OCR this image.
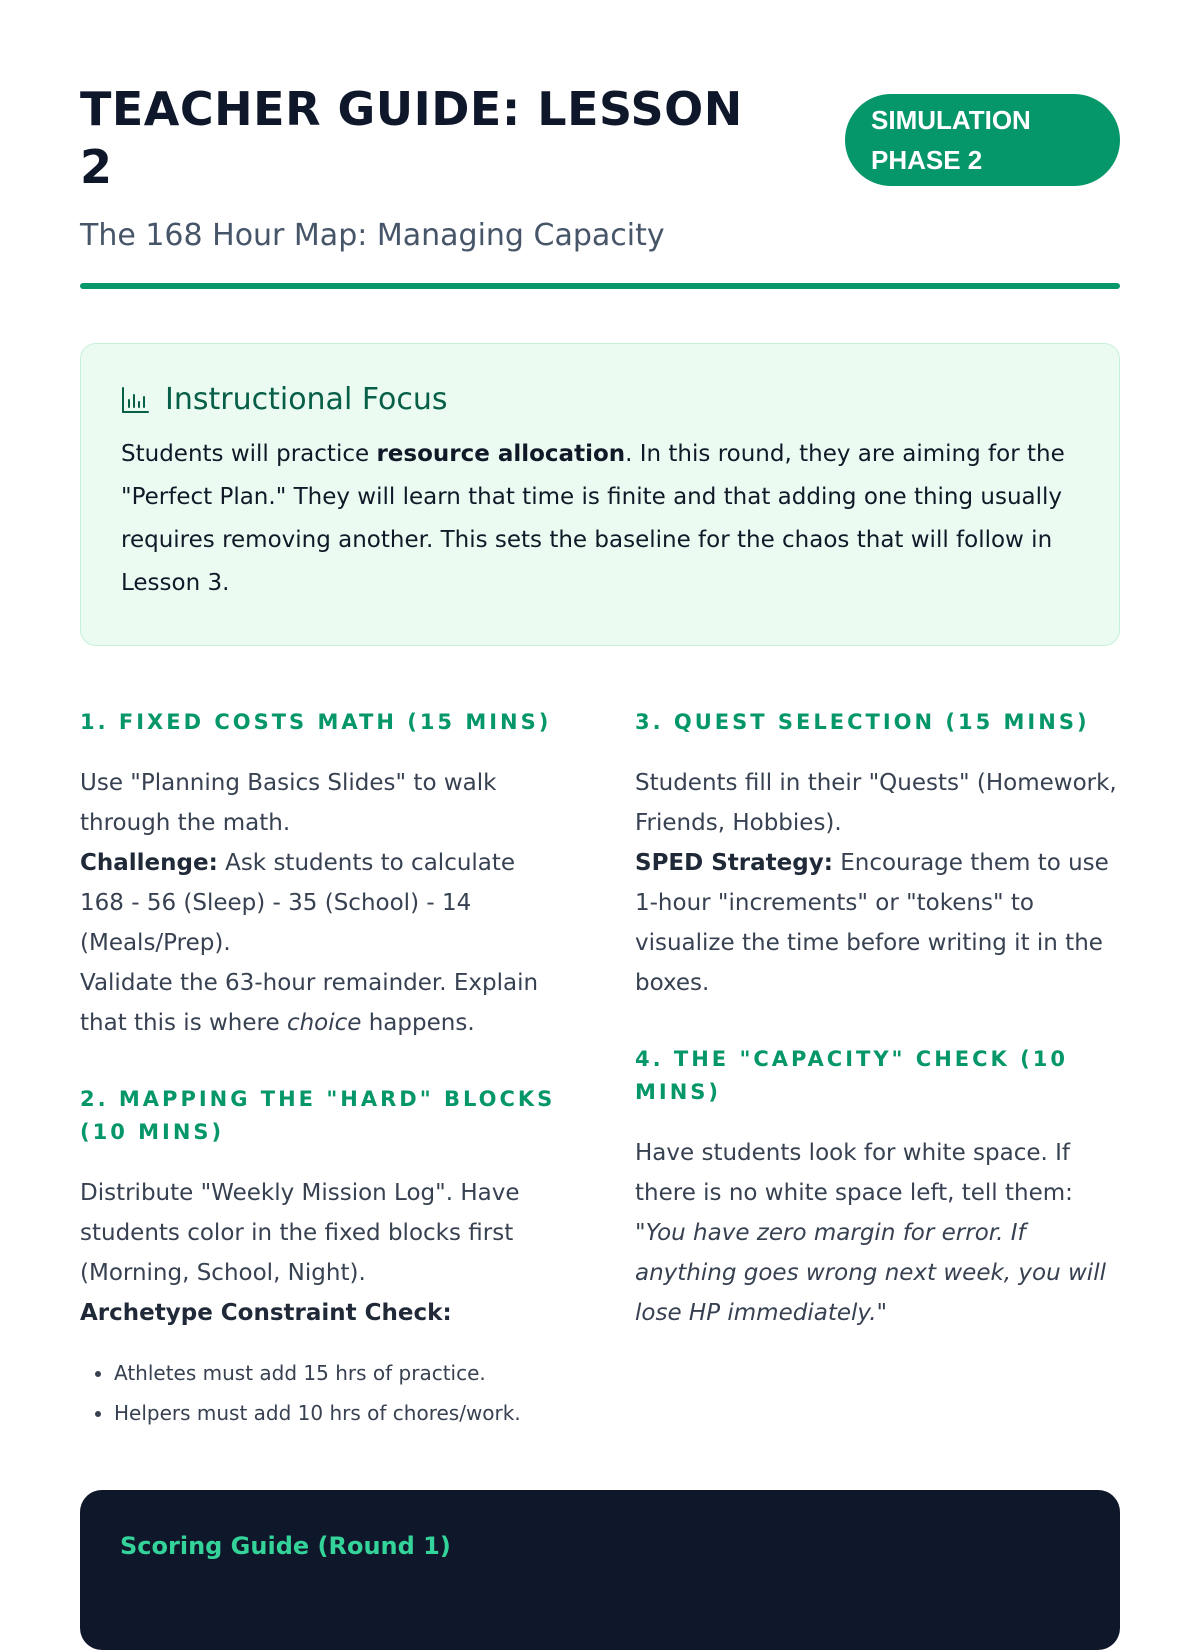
TEACHER GUIDE: LESSON 2
SIMULATION PHASE 2
The 168 Hour Map: Managing Capacity
Instructional Focus
Students will practice resource allocation. In this round, they are aiming for the "Perfect Plan." They will learn that time is finite and that adding one thing usually requires removing another. This sets the baseline for the chaos that will follow in Lesson 3.
1. FIXED COSTS MATH (15 MINS)
Use "Planning Basics Slides" to walk through the math.
Challenge: Ask students to calculate 168 - 56 (Sleep) - 35 (School) - 14 (Meals/Prep).
Validate the 63-hour remainder. Explain that this is where choice happens.
2. MAPPING THE "HARD" BLOCKS (10 MINS)
Distribute "Weekly Mission Log". Have students color in the fixed blocks first (Morning, School, Night).
Archetype Constraint Check:
• Athletes must add 15 hrs of practice.
• Helpers must add 10 hrs of chores/work.
3. QUEST SELECTION (15 MINS)
Students fill in their "Quests" (Homework, Friends, Hobbies).
SPED Strategy: Encourage them to use 1-hour "increments" or "tokens" to visualize the time before writing it in the boxes.
4. THE "CAPACITY" CHECK (10 MINS)
Have students look for white space. If there is no white space left, tell them:
"You have zero margin for error. If anything goes wrong next week, you will lose HP immediately."
Scoring Guide (Round 1)
